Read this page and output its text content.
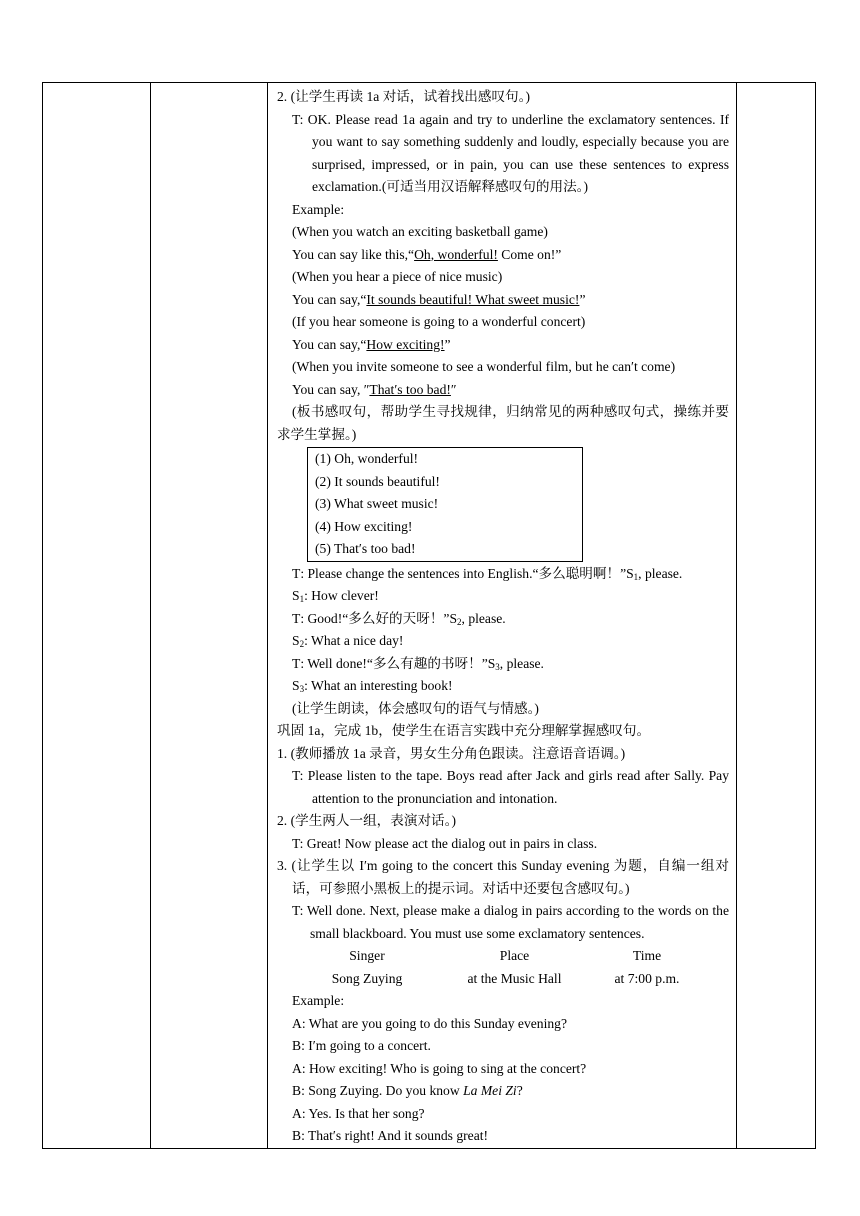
2. (让学生再读 1a 对话，试着找出感叹句。)

T: OK. Please read 1a again and try to underline the exclamatory sentences. If you want to say something suddenly and loudly, especially because you are surprised, impressed, or in pain, you can use these sentences to express exclamation.(可适当用汉语解释感叹句的用法。)

Example:

(When you watch an exciting basketball game)

You can say like this,“Oh, wonderful! Come on!”

(When you hear a piece of nice music)

You can say,“It sounds beautiful! What sweet music!”

(If you hear someone is going to a wonderful concert)

You can say,“How exciting!”

(When you invite someone to see a wonderful film, but he can′t come)

You can say, ″That′s too bad!″

(板书感叹句，帮助学生寻找规律，归纳常见的两种感叹句式，操练并要求学生掌握。)

(1) Oh, wonderful!

(2) It sounds beautiful!

(3) What sweet music!

(4) How exciting!

(5) That′s too bad!

T: Please change the sentences into English.“多么聪明啊！$”S_1$, please.

$S_1$: How clever!

T: Good!“多么好的天呀！$”S_2$, please.

$S_2$: What a nice day!

T: Well done!“多么有趣的书呀！$”S_3$, please.

$S_3$: What an interesting book!

(让学生朗读，体会感叹句的语气与情感。)

巩固 1a，完成 1b，使学生在语言实践中充分理解掌握感叹句。

1. (教师播放 1a 录音，男女生分角色跟读。注意语音语调。)

T: Please listen to the tape. Boys read after Jack and girls read after Sally. Pay attention to the pronunciation and intonation.

2. (学生两人一组，表演对话。)

T: Great! Now please act the dialog out in pairs in class.

3. (让学生以 I′m going to the concert this Sunday evening 为题，自编一组对话，可参照小黑板上的提示词。对话中还要包含感叹句。)

T: Well done. Next, please make a dialog in pairs according to the words on the small blackboard. You must use some exclamatory sentences.

Singer	Place	Time
Song Zuying	at the Music Hall	at 7:00 p.m.

Example:

A: What are you going to do this Sunday evening?

B: I′m going to a concert.

A: How exciting! Who is going to sing at the concert?

B: Song Zuying. Do you know La Mei Zi?

A: Yes. Is that her song?

B: That′s right! And it sounds great!
